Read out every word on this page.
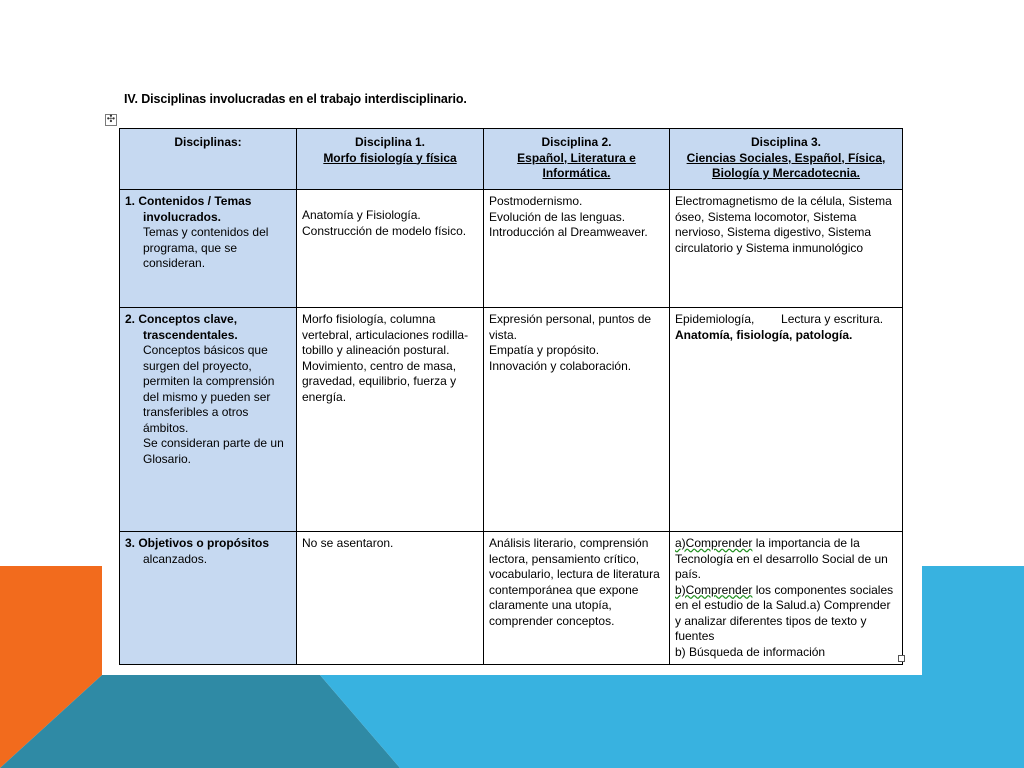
IV. Disciplinas involucradas en el trabajo interdisciplinario.
✣
Disciplinas:	Disciplina 1.
Morfo fisiología y física	Disciplina 2.
Español, Literatura e Informática.	Disciplina 3.
Ciencias Sociales, Español, Física, Biología y Mercadotecnia.

1. Contenidos / Temas
involucrados.
Temas y contenidos del programa, que se consideran.	Anatomía y Fisiología. Construcción de modelo físico.	Postmodernismo.
Evolución de las lenguas.
Introducción al Dreamweaver.	Electromagnetismo de la célula, Sistema óseo, Sistema locomotor, Sistema nervioso, Sistema digestivo, Sistema circulatorio y Sistema inmunológico

2. Conceptos clave,
trascendentales.
Conceptos básicos que surgen del proyecto, permiten la comprensión del mismo y pueden ser transferibles a otros ámbitos.
Se consideran parte de un Glosario.	Morfo fisiología, columna vertebral, articulaciones rodilla-tobillo y alineación postural.
Movimiento, centro de masa, gravedad, equilibrio, fuerza y energía.	Expresión personal, puntos de vista.
Empatía y propósito.
Innovación y colaboración.	Epidemiología,        Lectura y escritura.    Anatomía, fisiología, patología.

3. Objetivos o propósitos
alcanzados.	No se asentaron.	Análisis literario, comprensión lectora, pensamiento crítico, vocabulario, lectura de literatura contemporánea que expone claramente una utopía, comprender conceptos.	a)Comprender la importancia de la Tecnología en el desarrollo Social de un país.
b)Comprender los componentes sociales en el estudio de la Salud.a) Comprender y analizar diferentes tipos de texto y fuentes
b) Búsqueda de información
